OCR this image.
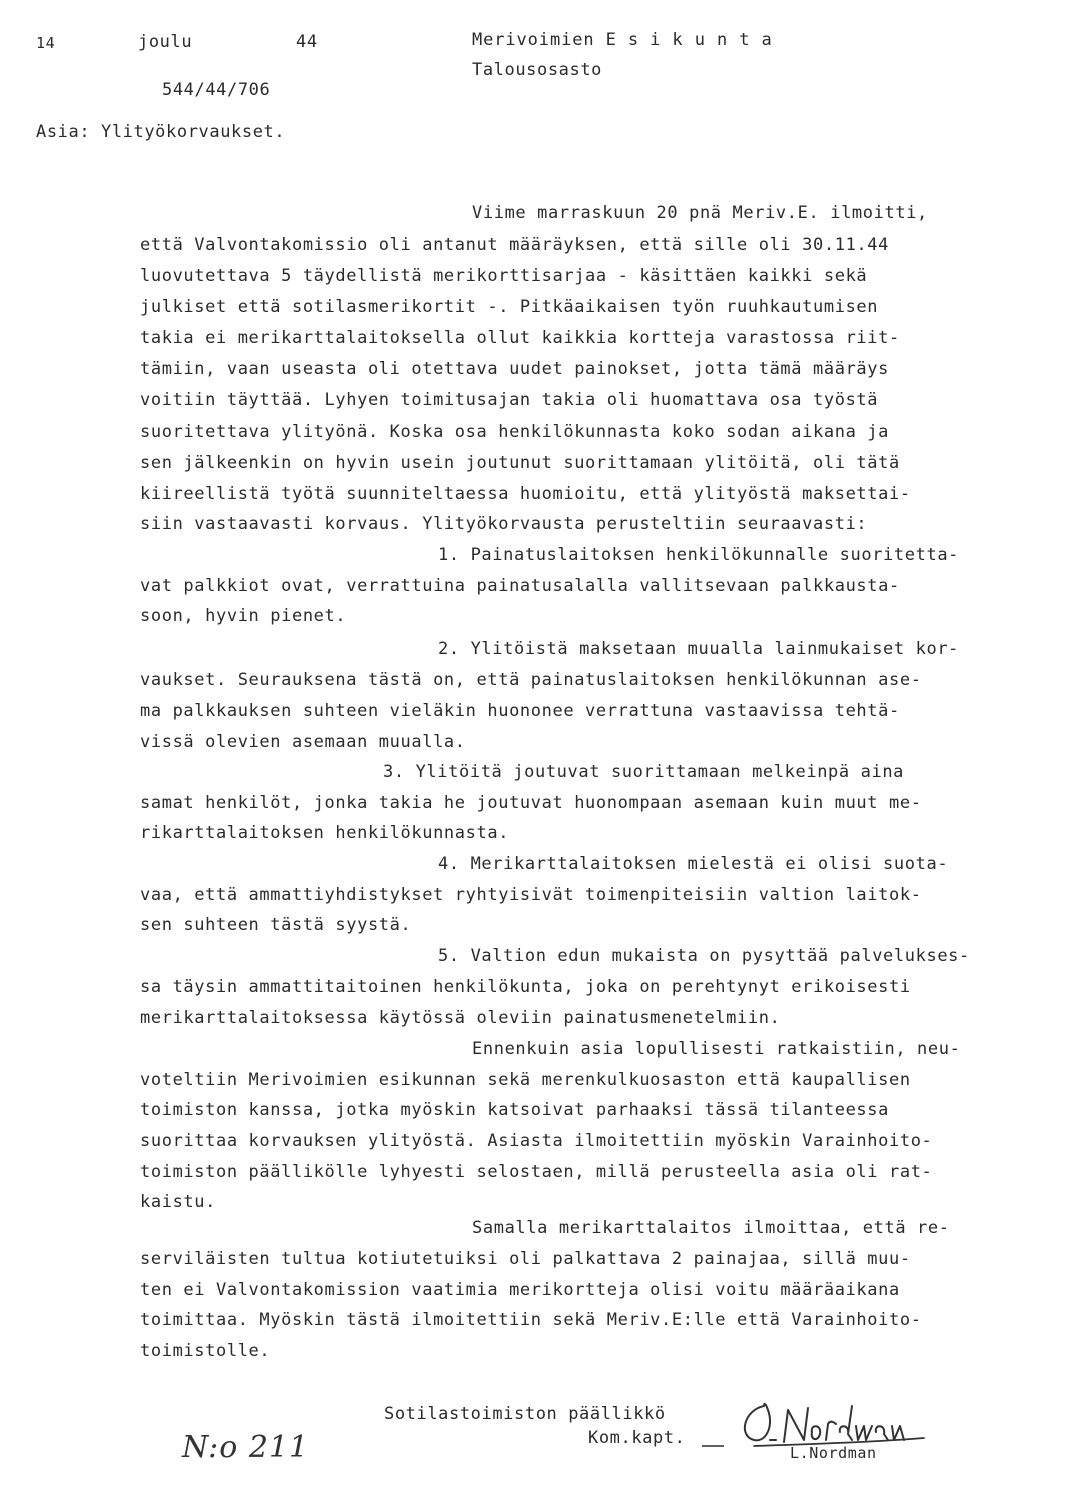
14	joulu	44
544/44/706
Merivoimien E s i k u n t a
Talousosasto
Asia: Ylityökorvaukset.
Viime marraskuun 20 pnä Meriv.E. ilmoitti,
että Valvontakomissio oli antanut määräyksen, että sille oli 30.11.44
luovutettava 5 täydellistä merikorttisarjaa - käsittäen kaikki sekä
julkiset että sotilasmerikortit -. Pitkäaikaisen työn ruuhkautumisen
takia ei merikarttalaitoksella ollut kaikkia kortteja varastossa riit-
tämiin, vaan useasta oli otettava uudet painokset, jotta tämä määräys
voitiin täyttää. Lyhyen toimitusajan takia oli huomattava osa työstä
suoritettava ylityönä. Koska osa henkilökunnasta koko sodan aikana ja
sen jälkeenkin on hyvin usein joutunut suorittamaan ylitöitä, oli tätä
kiireellistä työtä suunniteltaessa huomioitu, että ylityöstä maksettai-
siin vastaavasti korvaus. Ylityökorvausta perusteltiin seuraavasti:
1. Painatuslaitoksen henkilökunnalle suoritetta-
vat palkkiot ovat, verrattuina painatusalalla vallitsevaan palkkausta-
soon, hyvin pienet.
2. Ylitöistä maksetaan muualla lainmukaiset kor-
vaukset. Seurauksena tästä on, että painatuslaitoksen henkilökunnan ase-
ma palkkauksen suhteen vieläkin huononee verrattuna vastaavissa tehtä-
vissä olevien asemaan muualla.
3. Ylitöitä joutuvat suorittamaan melkeinpä aina
samat henkilöt, jonka takia he joutuvat huonompaan asemaan kuin muut me-
rikarttalaitoksen henkilökunnasta.
4. Merikarttalaitoksen mielestä ei olisi suota-
vaa, että ammattiyhdistykset ryhtyisivät toimenpiteisiin valtion laitok-
sen suhteen tästä syystä.
5. Valtion edun mukaista on pysyttää palvelukses-
sa täysin ammattitaitoinen henkilökunta, joka on perehtynyt erikoisesti
merikarttalaitoksessa käytössä oleviin painatusmenetelmiin.
Ennenkuin asia lopullisesti ratkaistiin, neu-
voteltiin Merivoimien esikunnan sekä merenkulkuosaston että kaupallisen
toimiston kanssa, jotka myöskin katsoivat parhaaksi tässä tilanteessa
suorittaa korvauksen ylityöstä. Asiasta ilmoitettiin myöskin Varainhoito-
toimiston päällikölle lyhyesti selostaen, millä perusteella asia oli rat-
kaistu.
Samalla merikarttalaitos ilmoittaa, että re-
serviläisten tultua kotiutetuiksi oli palkattava 2 painajaa, sillä muu-
ten ei Valvontakomission vaatimia merikortteja olisi voitu määräaikana
toimittaa. Myöskin tästä ilmoitettiin sekä Meriv.E:lle että Varainhoito-
toimistolle.
Sotilastoimiston päällikkö
Kom.kapt.
L.Nordman
N:o 211
